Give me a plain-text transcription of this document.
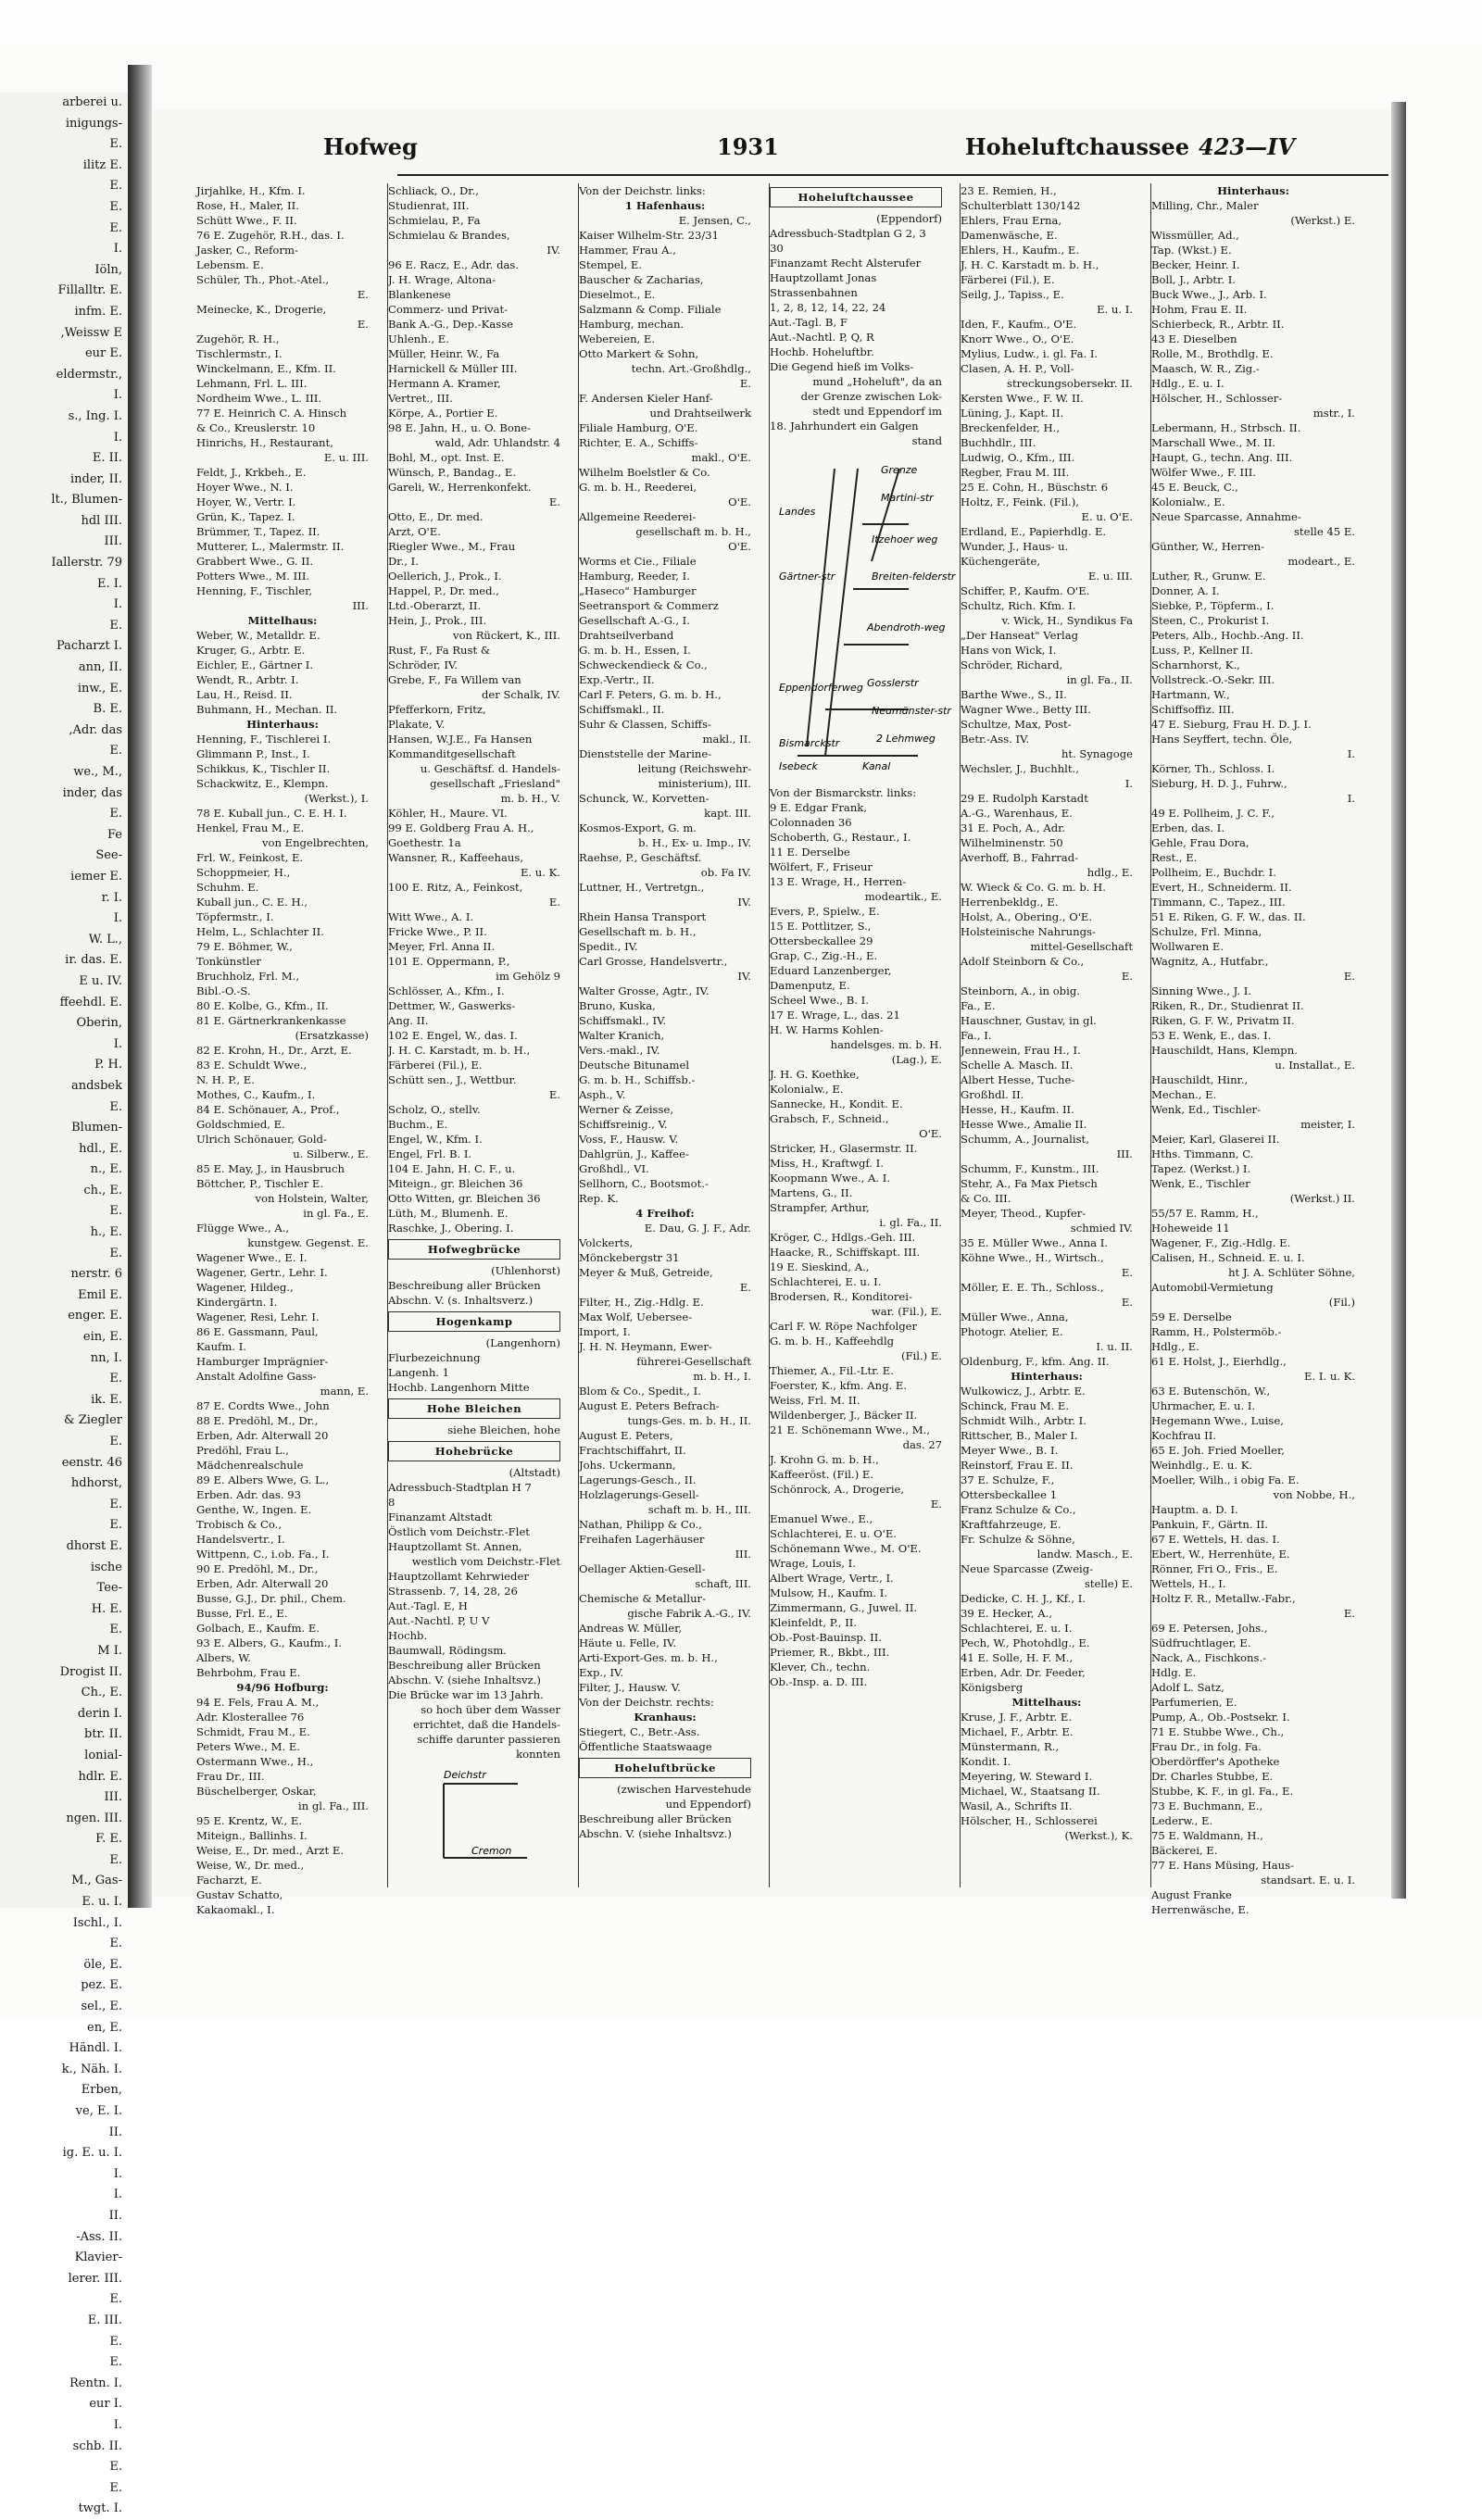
arberei u.
inigungs-
E.
ilitz E.
E.
E.
E.
I.
Iöln,
Fillalltr. E.
infm. E.
,Weissw E
eur E.
eldermstr.,
I.
s., Ing. I.
I.
E. II.
inder, II.
lt., Blumen-
hdl III.
III.
Iallerstr. 79
E. I.
I.
E.
Pacharzt I.
ann, II.
inw., E.
B. E.
,Adr. das
E.
we., M.,
inder, das
E.
Fe
See-
iemer E.
r. I.
I.
W. L.,
ir. das. E.
E u. IV.
ffeehdl. E.
Oberin,
I.
P. H.
andsbek
E.
Blumen-
hdl., E.
n., E.
ch., E.
E.
h., E.
E.
nerstr. 6
Emil E.
enger. E.
ein, E.
nn, I.
E.
ik. E.
& Ziegler
E.
eenstr. 46
hdhorst,
E.
E.
dhorst E.
ische
Tee-
H. E.
E.
M I.
Drogist II.
Ch., E.
derin I.
btr. II.
lonial-
hdlr. E.
III.
ngen. III.
F. E.
E.
M., Gas-
E. u. I.
Ischl., I.
E.
öle, E.
pez. E.
sel., E.
en, E.
Händl. I.
k., Näh. I.
Erben,
ve, E. I.
II.
ig. E. u. I.
I.
I.
II.
-Ass. II.
Klavier-
lerer. III.
E.
E. III.
E.
E.
Rentn. I.
eur I.
I.
schb. II.
E.
E.
twgt. I.
Hofweg	1931	Hoheluftchaussee 423—IV
Jirjahlke, H., Kfm. I.
Rose, H., Maler, II.
Schütt Wwe., F. II.
76 E. Zugehör, R.H., das. I.
Jasker, C., Reform-
Lebensm. E.
Schüler, Th., Phot.-Atel.,
E.
Meinecke, K., Drogerie,
E.
Zugehör, R. H.,
Tischlermstr., I.
Winckelmann, E., Kfm. II.
Lehmann, Frl. L. III.
Nordheim Wwe., L. III.
77 E. Heinrich C. A. Hinsch
& Co., Kreuslerstr. 10
Hinrichs, H., Restaurant,
E. u. III.
Feldt, J., Krkbeh., E.
Hoyer Wwe., N. I.
Hoyer, W., Vertr. I.
Grün, K., Tapez. I.
Brümmer, T., Tapez. II.
Mutterer, L., Malermstr. II.
Grabbert Wwe., G. II.
Potters Wwe., M. III.
Henning, F., Tischler,
III.
Mittelhaus:
Weber, W., Metalldr. E.
Kruger, G., Arbtr. E.
Eichler, E., Gärtner I.
Wendt, R., Arbtr. I.
Lau, H., Reisd. II.
Buhmann, H., Mechan. II.
Hinterhaus:
Henning, F., Tischlerei I.
Glimmann P., Inst., I.
Schikkus, K., Tischler II.
Schackwitz, E., Klempn.
(Werkst.), I.
78 E. Kuball jun., C. E. H. I.
Henkel, Frau M., E.
von Engelbrechten,
Frl. W., Feinkost, E.
Schoppmeier, H.,
Schuhm. E.
Kuball jun., C. E. H.,
Töpfermstr., I.
Helm, L., Schlachter II.
79 E. Böhmer, W.,
Tonkünstler
Bruchholz, Frl. M.,
Bibl.-O.-S.
80 E. Kolbe, G., Kfm., II.
81 E. Gärtnerkrankenkasse
(Ersatzkasse)
82 E. Krohn, H., Dr., Arzt, E.
83 E. Schuldt Wwe.,
N. H. P., E.
Mothes, C., Kaufm., I.
84 E. Schönauer, A., Prof.,
Goldschmied, E.
Ulrich Schönauer, Gold-
u. Silberw., E.
85 E. May, J., in Hausbruch
Böttcher, P., Tischler E.
von Holstein, Walter,
in gl. Fa., E.
Flügge Wwe., A.,
kunstgew. Gegenst. E.
Wagener Wwe., E. I.
Wagener, Gertr., Lehr. I.
Wagener, Hildeg.,
Kindergärtn. I.
Wagener, Resi, Lehr. I.
86 E. Gassmann, Paul,
Kaufm. I.
Hamburger Imprägnier-
Anstalt Adolfine Gass-
mann, E.
87 E. Cordts Wwe., John
88 E. Predöhl, M., Dr.,
Erben, Adr. Alterwall 20
Predöhl, Frau L.,
Mädchenrealschule
89 E. Albers Wwe, G. L.,
Erben. Adr. das. 93
Genthe, W., Ingen. E.
Trobisch & Co.,
Handelsvertr., I.
Wittpenn, C., i.ob. Fa., I.
90 E. Predöhl, M., Dr.,
Erben, Adr. Alterwall 20
Busse, G.J., Dr. phil., Chem.
Busse, Frl. E., E.
Golbach, E., Kaufm. E.
93 E. Albers, G., Kaufm., I.
Albers, W.
Behrbohm, Frau E.
94/96 Hofburg:
94 E. Fels, Frau A. M.,
Adr. Klosterallee 76
Schmidt, Frau M., E.
Peters Wwe., M. E.
Ostermann Wwe., H.,
Frau Dr., III.
Büschelberger, Oskar,
in gl. Fa., III.
95 E. Krentz, W., E.
Miteign., Ballinhs. I.
Weise, E., Dr. med., Arzt E.
Weise, W., Dr. med.,
Facharzt, E.
Gustav Schatto,
Kakaomakl., I.
Schliack, O., Dr.,
Studienrat, III.
Schmielau, P., Fa
Schmielau & Brandes,
IV.
96 E. Racz, E., Adr. das.
J. H. Wrage, Altona-
Blankenese
Commerz- und Privat-
Bank A.-G., Dep.-Kasse
Uhlenh., E.
Müller, Heinr. W., Fa
Harnickell & Müller III.
Hermann A. Kramer,
Vertret., III.
Körpe, A., Portier E.
98 E. Jahn, H., u. O. Bone-
wald, Adr. Uhlandstr. 4
Bohl, M., opt. Inst. E.
Wünsch, P., Bandag., E.
Gareli, W., Herrenkonfekt.
E.
Otto, E., Dr. med.
Arzt, O'E.
Riegler Wwe., M., Frau
Dr., I.
Oellerich, J., Prok., I.
Happel, P., Dr. med.,
Ltd.-Oberarzt, II.
Hein, J., Prok., III.
von Rückert, K., III.
Rust, F., Fa Rust &
Schröder, IV.
Grebe, F., Fa Willem van
der Schalk, IV.
Pfefferkorn, Fritz,
Plakate, V.
Hansen, W.J.E., Fa Hansen
Kommanditgesellschaft
u. Geschäftsf. d. Handels-
gesellschaft „Friesland"
m. b. H., V.
Köhler, H., Maure. VI.
99 E. Goldberg Frau A. H.,
Goethestr. 1a
Wansner, R., Kaffeehaus,
E. u. K.
100 E. Ritz, A., Feinkost,
E.
Witt Wwe., A. I.
Fricke Wwe., P. II.
Meyer, Frl. Anna II.
101 E. Oppermann, P.,
im Gehölz 9
Schlösser, A., Kfm., I.
Dettmer, W., Gaswerks-
Ang. II.
102 E. Engel, W., das. I.
J. H. C. Karstadt, m. b. H.,
Färberei (Fil.), E.
Schütt sen., J., Wettbur.
E.
Scholz, O., stellv.
Buchm., E.
Engel, W., Kfm. I.
Engel, Frl. B. I.
104 E. Jahn, H. C. F., u.
Miteign., gr. Bleichen 36
Otto Witten, gr. Bleichen 36
Lüth, M., Blumenh. E.
Raschke, J., Obering. I.
Hofwegbrücke
(Uhlenhorst)
Beschreibung aller Brücken
Abschn. V. (s. Inhaltsverz.)
Hogenkamp
(Langenhorn)
Flurbezeichnung
Langenh. 1
Hochb. Langenhorn Mitte
Hohe Bleichen
siehe Bleichen, hohe
Hohebrücke
(Altstadt)
Adressbuch-Stadtplan H 7
8
Finanzamt Altstadt
Östlich vom Deichstr.-Flet
Hauptzollamt St. Annen,
westlich vom Deichstr.-Flet
Hauptzollamt Kehrwieder
Strassenb. 7, 14, 28, 26
Aut.-Tagl. E, H
Aut.-Nachtl. P, U V
Hochb.
Baumwall, Rödingsm.
Beschreibung aller Brücken
Abschn. V. (siehe Inhaltsvz.)
Die Brücke war im 13 Jahrh.
so hoch über dem Wasser
errichtet, daß die Handels-
schiffe darunter passieren
konnten
Deichstr
Cremon
Von der Deichstr. links:
1 Hafenhaus:
E. Jensen, C.,
Kaiser Wilhelm-Str. 23/31
Hammer, Frau A.,
Stempel, E.
Bauscher & Zacharias,
Dieselmot., E.
Salzmann & Comp. Filiale
Hamburg, mechan.
Webereien, E.
Otto Markert & Sohn,
techn. Art.-Großhdlg.,
E.
F. Andersen Kieler Hanf-
und Drahtseilwerk
Filiale Hamburg, O'E.
Richter, E. A., Schiffs-
makl., O'E.
Wilhelm Boelstler & Co.
G. m. b. H., Reederei,
O'E.
Allgemeine Reederei-
gesellschaft m. b. H.,
O'E.
Worms et Cie., Filiale
Hamburg, Reeder, I.
„Haseco" Hamburger
Seetransport & Commerz
Gesellschaft A.-G., I.
Drahtseilverband
G. m. b. H., Essen, I.
Schweckendieck & Co.,
Exp.-Vertr., II.
Carl F. Peters, G. m. b. H.,
Schiffsmakl., II.
Suhr & Classen, Schiffs-
makl., II.
Dienststelle der Marine-
leitung (Reichswehr-
ministerium), III.
Schunck, W., Korvetten-
kapt. III.
Kosmos-Export, G. m.
b. H., Ex- u. Imp., IV.
Raehse, P., Geschäftsf.
ob. Fa IV.
Luttner, H., Vertretgn.,
IV.
Rhein Hansa Transport
Gesellschaft m. b. H.,
Spedit., IV.
Carl Grosse, Handelsvertr.,
IV.
Walter Grosse, Agtr., IV.
Bruno, Kuska,
Schiffsmakl., IV.
Walter Kranich,
Vers.-makl., IV.
Deutsche Bitunamel
G. m. b. H., Schiffsb.-
Asph., V.
Werner & Zeisse,
Schiffsreinig., V.
Voss, F., Hausw. V.
Dahlgrün, J., Kaffee-
Großhdl., VI.
Sellhorn, C., Bootsmot.-
Rep. K.
4 Freihof:
E. Dau, G. J. F., Adr.
Volckerts,
Mönckebergstr 31
Meyer & Muß, Getreide,
E.
Filter, H., Zig.-Hdlg. E.
Max Wolf, Uebersee-
Import, I.
J. H. N. Heymann, Ewer-
führerei-Gesellschaft
m. b. H., I.
Blom & Co., Spedit., I.
August E. Peters Befrach-
tungs-Ges. m. b. H., II.
August E. Peters,
Frachtschiffahrt, II.
Johs. Uckermann,
Lagerungs-Gesch., II.
Holzlagerungs-Gesell-
schaft m. b. H., III.
Nathan, Philipp & Co.,
Freihafen Lagerhäuser
III.
Oellager Aktien-Gesell-
schaft, III.
Chemische & Metallur-
gische Fabrik A.-G., IV.
Andreas W. Müller,
Häute u. Felle, IV.
Arti-Export-Ges. m. b. H.,
Exp., IV.
Filter, J., Hausw. V.
Von der Deichstr. rechts:
Kranhaus:
Stiegert, C., Betr.-Ass.
Öffentliche Staatswaage
Hoheluftbrücke
(zwischen Harvestehude
und Eppendorf)
Beschreibung aller Brücken
Abschn. V. (siehe Inhaltsvz.)
Hoheluftchaussee
(Eppendorf)
Adressbuch-Stadtplan G 2, 3
30
Finanzamt Recht Alsterufer
Hauptzollamt Jonas
Strassenbahnen
1, 2, 8, 12, 14, 22, 24
Aut.-Tagl. B, F
Aut.-Nachtl. P, Q, R
Hochb. Hoheluftbr.
Die Gegend hieß im Volks-
mund „Hoheluft", da an
der Grenze zwischen Lok-
stedt und Eppendorf im
18. Jahrhundert ein Galgen
stand
Grenze
Landes
Martini-str
Itzehoer weg
Gärtner-str	Breiten-felderstr
Abendroth-weg
Eppendorferweg Gosslerstr
Neumünster-str
Bismarckstr	2 Lehmweg
Isebeck	Kanal
Von der Bismarckstr. links:
9 E. Edgar Frank,
Colonnaden 36
Schoberth, G., Restaur., I.
11 E. Derselbe
Wölfert, F., Friseur
13 E. Wrage, H., Herren-
modeartik., E.
Evers, P., Spielw., E.
15 E. Pottlitzer, S.,
Ottersbeckallee 29
Grap, C., Zig.-H., E.
Eduard Lanzenberger,
Damenputz, E.
Scheel Wwe., B. I.
17 E. Wrage, L., das. 21
H. W. Harms Kohlen-
handelsges. m. b. H.
(Lag.), E.
J. H. G. Koethke,
Kolonialw., E.
Sannecke, H., Kondit. E.
Grabsch, F., Schneid.,
O'E.
Stricker, H., Glasermstr. II.
Miss, H., Kraftwgf. I.
Koopmann Wwe., A. I.
Martens, G., II.
Strampfer, Arthur,
i. gl. Fa., II.
Kröger, C., Hdlgs.-Geh. III.
Haacke, R., Schiffskapt. III.
19 E. Sieskind, A.,
Schlachterei, E. u. I.
Brodersen, R., Konditorei-
war. (Fil.), E.
Carl F. W. Röpe Nachfolger
G. m. b. H., Kaffeehdlg
(Fil.) E.
Thiemer, A., Fil.-Ltr. E.
Foerster, K., kfm. Ang. E.
Weiss, Frl. M. II.
Wildenberger, J., Bäcker II.
21 E. Schönemann Wwe., M.,
das. 27
J. Krohn G. m. b. H.,
Kaffeeröst. (Fil.) E.
Schönrock, A., Drogerie,
E.
Emanuel Wwe., E.,
Schlachterei, E. u. O'E.
Schönemann Wwe., M. O'E.
Wrage, Louis, I.
Albert Wrage, Vertr., I.
Mulsow, H., Kaufm. I.
Zimmermann, G., Juwel. II.
Kleinfeldt, P., II.
Ob.-Post-Bauinsp. II.
Priemer, R., Bkbt., III.
Klever, Ch., techn.
Ob.-Insp. a. D. III.
23 E. Remien, H.,
Schulterblatt 130/142
Ehlers, Frau Erna,
Damenwäsche, E.
Ehlers, H., Kaufm., E.
J. H. C. Karstadt m. b. H.,
Färberei (Fil.), E.
Seilg, J., Tapiss., E.
E. u. I.
Iden, F., Kaufm., O'E.
Knorr Wwe., O., O'E.
Mylius, Ludw., i. gl. Fa. I.
Clasen, A. H. P., Voll-
streckungsobersekr. II.
Kersten Wwe., F. W. II.
Lüning, J., Kapt. II.
Breckenfelder, H.,
Buchhdlr., III.
Ludwig, O., Kfm., III.
Regber, Frau M. III.
25 E. Cohn, H., Büschstr. 6
Holtz, F., Feink. (Fil.),
E. u. O'E.
Erdland, E., Papierhdlg. E.
Wunder, J., Haus- u.
Küchengeräte,
E. u. III.
Schiffer, P., Kaufm. O'E.
Schultz, Rich. Kfm. I.
v. Wick, H., Syndikus Fa
„Der Hanseat" Verlag
Hans von Wick, I.
Schröder, Richard,
in gl. Fa., II.
Barthe Wwe., S., II.
Wagner Wwe., Betty III.
Schultze, Max, Post-
Betr.-Ass. IV.
ht. Synagoge
Wechsler, J., Buchhlt.,
I.
29 E. Rudolph Karstadt
A.-G., Warenhaus, E.
31 E. Poch, A., Adr.
Wilhelminenstr. 50
Averhoff, B., Fahrrad-
hdlg., E.
W. Wieck & Co. G. m. b. H.
Herrenbekldg., E.
Holst, A., Obering., O'E.
Holsteinische Nahrungs-
mittel-Gesellschaft
Adolf Steinborn & Co.,
E.
Steinborn, A., in obig.
Fa., E.
Hauschner, Gustav, in gl.
Fa., I.
Jennewein, Frau H., I.
Schelle A. Masch. II.
Albert Hesse, Tuche-
Großhdl. II.
Hesse, H., Kaufm. II.
Hesse Wwe., Amalie II.
Schumm, A., Journalist,
III.
Schumm, F., Kunstm., III.
Stehr, A., Fa Max Pietsch
& Co. III.
Meyer, Theod., Kupfer-
schmied IV.
35 E. Müller Wwe., Anna I.
Köhne Wwe., H., Wirtsch.,
E.
Möller, E. E. Th., Schloss.,
E.
Müller Wwe., Anna,
Photogr. Atelier, E.
I. u. II.
Oldenburg, F., kfm. Ang. II.
Hinterhaus:
Wulkowicz, J., Arbtr. E.
Schinck, Frau M. E.
Schmidt Wilh., Arbtr. I.
Rittscher, B., Maler I.
Meyer Wwe., B. I.
Reinstorf, Frau E. II.
37 E. Schulze, F.,
Ottersbeckallee 1
Franz Schulze & Co.,
Kraftfahrzeuge, E.
Fr. Schulze & Söhne,
landw. Masch., E.
Neue Sparcasse (Zweig-
stelle) E.
Dedicke, C. H. J., Kf., I.
39 E. Hecker, A.,
Schlachterei, E. u. I.
Pech, W., Photohdlg., E.
41 E. Solle, H. F. M.,
Erben, Adr. Dr. Feeder,
Königsberg
Mittelhaus:
Kruse, J. F., Arbtr. E.
Michael, F., Arbtr. E.
Münstermann, R.,
Kondit. I.
Meyering, W. Steward I.
Michael, W., Staatsang II.
Wasil, A., Schrifts II.
Hölscher, H., Schlosserei
(Werkst.), K.
Hinterhaus:
Milling, Chr., Maler
(Werkst.) E.
Wissmüller, Ad.,
Tap. (Wkst.) E.
Becker, Heinr. I.
Boll, J., Arbtr. I.
Buck Wwe., J., Arb. I.
Hohm, Frau E. II.
Schierbeck, R., Arbtr. II.
43 E. Dieselben
Rolle, M., Brothdlg. E.
Maasch, W. R., Zig.-
Hdlg., E. u. I.
Hölscher, H., Schlosser-
mstr., I.
Lebermann, H., Strbsch. II.
Marschall Wwe., M. II.
Haupt, G., techn. Ang. III.
Wölfer Wwe., F. III.
45 E. Beuck, C.,
Kolonialw., E.
Neue Sparcasse, Annahme-
stelle 45 E.
Günther, W., Herren-
modeart., E.
Luther, R., Grunw. E.
Donner, A. I.
Siebke, P., Töpferm., I.
Steen, C., Prokurist I.
Peters, Alb., Hochb.-Ang. II.
Luss, P., Kellner II.
Scharnhorst, K.,
Vollstreck.-O.-Sekr. III.
Hartmann, W.,
Schiffsoffiz. III.
47 E. Sieburg, Frau H. D. J. I.
Hans Seyffert, techn. Öle,
I.
Körner, Th., Schloss. I.
Sieburg, H. D. J., Fuhrw.,
I.
49 E. Pollheim, J. C. F.,
Erben, das. I.
Gehle, Frau Dora,
Rest., E.
Pollheim, E., Buchdr. I.
Evert, H., Schneiderm. II.
Timmann, C., Tapez., III.
51 E. Riken, G. F. W., das. II.
Schulze, Frl. Minna,
Wollwaren E.
Wagnitz, A., Hutfabr.,
E.
Sinning Wwe., J. I.
Riken, R., Dr., Studienrat II.
Riken, G. F. W., Privatm II.
53 E. Wenk, E., das. I.
Hauschildt, Hans, Klempn.
u. Installat., E.
Hauschildt, Hinr.,
Mechan., E.
Wenk, Ed., Tischler-
meister, I.
Meier, Karl, Glaserei II.
Hths. Timmann, C.
Tapez. (Werkst.) I.
Wenk, E., Tischler
(Werkst.) II.
55/57 E. Ramm, H.,
Hoheweide 11
Wagener, F., Zig.-Hdlg. E.
Calisen, H., Schneid. E. u. I.
ht J. A. Schlüter Söhne,
Automobil-Vermietung
(Fil.)
59 E. Derselbe
Ramm, H., Polstermöb.-
Hdlg., E.
61 E. Holst, J., Eierhdlg.,
E. I. u. K.
63 E. Butenschön, W.,
Uhrmacher, E. u. I.
Hegemann Wwe., Luise,
Kochfrau II.
65 E. Joh. Fried Moeller,
Weinhdlg., E. u. K.
Moeller, Wilh., i obig Fa. E.
von Nobbe, H.,
Hauptm. a. D. I.
Pankuin, F., Gärtn. II.
67 E. Wettels, H. das. I.
Ebert, W., Herrenhüte, E.
Rönner, Fri O., Fris., E.
Wettels, H., I.
Holtz F. R., Metallw.-Fabr.,
E.
69 E. Petersen, Johs.,
Südfruchtlager, E.
Nack, A., Fischkons.-
Hdlg. E.
Adolf L. Satz,
Parfumerien, E.
Pump, A., Ob.-Postsekr. I.
71 E. Stubbe Wwe., Ch.,
Frau Dr., in folg. Fa.
Oberdörffer's Apotheke
Dr. Charles Stubbe, E.
Stubbe, K. F., in gl. Fa., E.
73 E. Buchmann, E.,
Lederw., E.
75 E. Waldmann, H.,
Bäckerei, E.
77 E. Hans Müsing, Haus-
standsart. E. u. I.
August Franke
Herrenwäsche, E.
